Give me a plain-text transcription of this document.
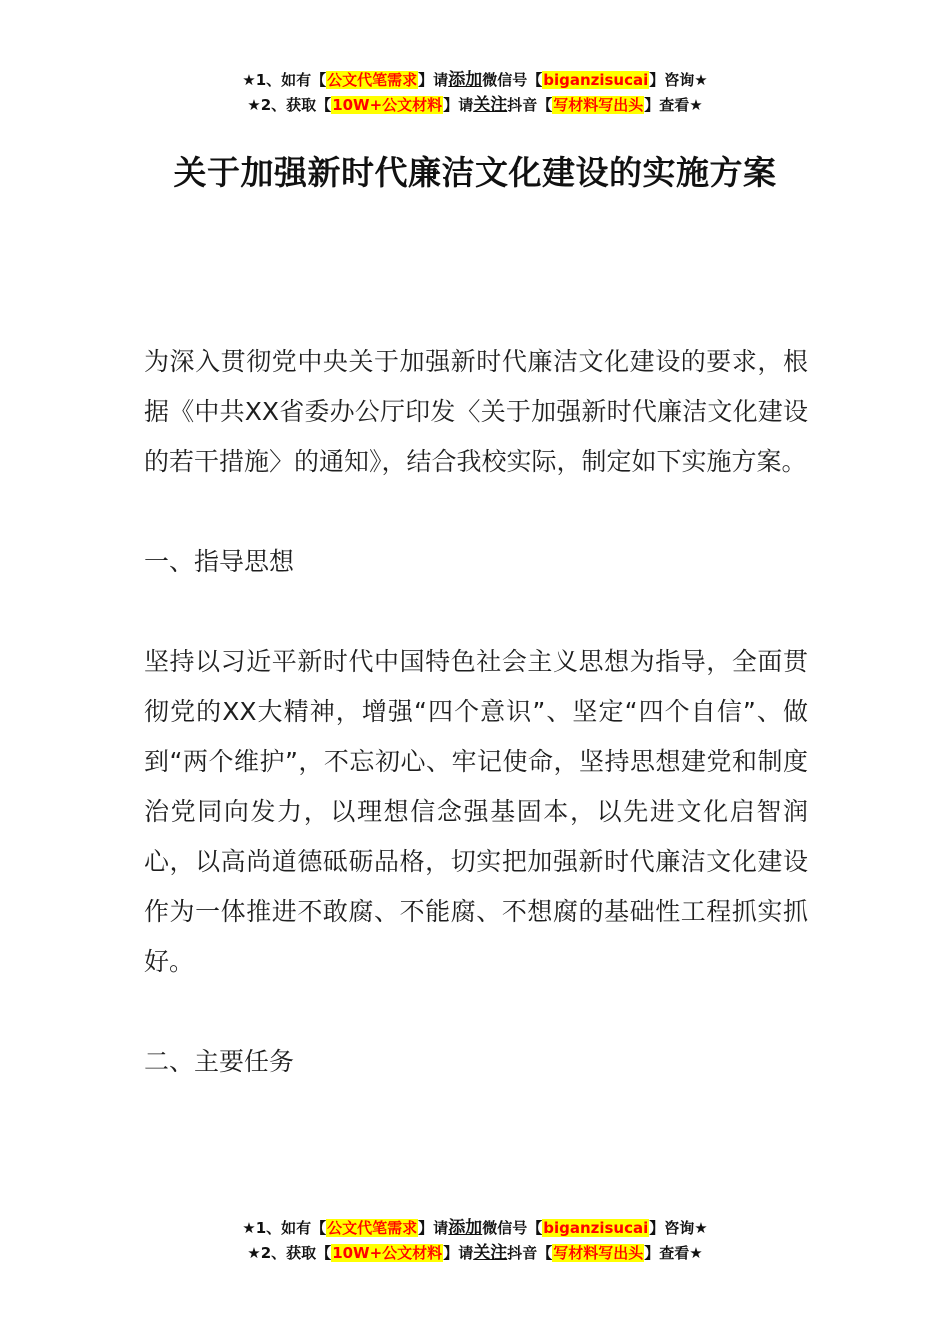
★1、如有【公文代笔需求】请添加微信号【biganzisucai】咨询★
★2、获取【10W+公文材料】请关注抖音【写材料写出头】查看★
关于加强新时代廉洁文化建设的实施方案

为深入贯彻党中央关于加强新时代廉洁文化建设的要求，根据《中共XX省委办公厅印发〈关于加强新时代廉洁文化建设的若干措施〉的通知》，结合我校实际，制定如下实施方案。

一、指导思想

坚持以习近平新时代中国特色社会主义思想为指导，全面贯彻党的XX大精神，增强“四个意识”、坚定“四个自信”、做到“两个维护”，不忘初心、牢记使命，坚持思想建党和制度治党同向发力，以理想信念强基固本，以先进文化启智润心，以高尚道德砥砺品格，切实把加强新时代廉洁文化建设作为一体推进不敢腐、不能腐、不想腐的基础性工程抓实抓好。

二、主要任务

★1、如有【公文代笔需求】请添加微信号【biganzisucai】咨询★
★2、获取【10W+公文材料】请关注抖音【写材料写出头】查看★
